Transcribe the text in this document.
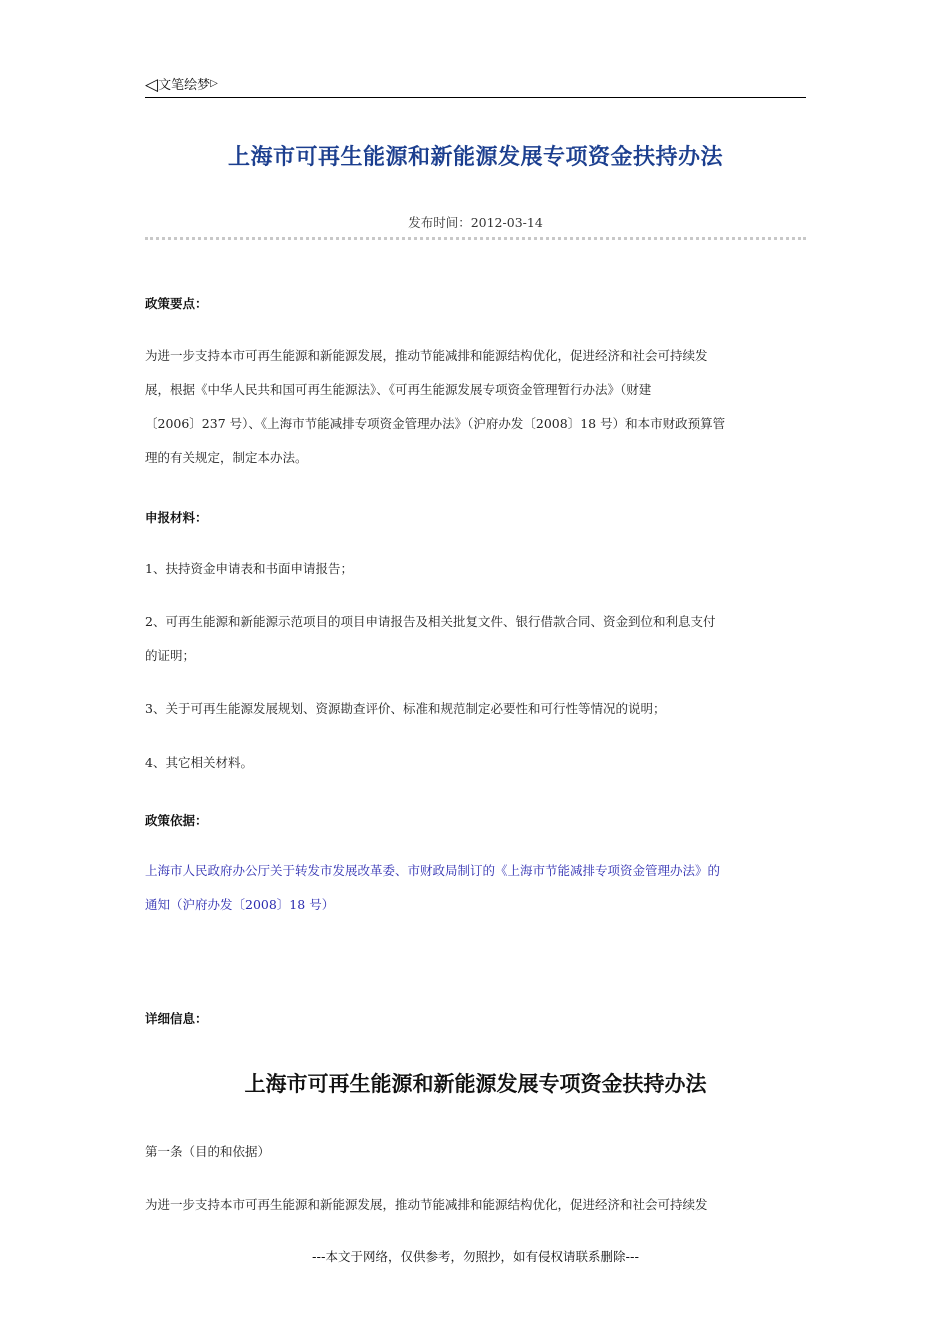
◁文笔绘梦▷
上海市可再生能源和新能源发展专项资金扶持办法
发布时间：2012-03-14
政策要点：
为进一步支持本市可再生能源和新能源发展，推动节能减排和能源结构优化，促进经济和社会可持续发
展，根据《中华人民共和国可再生能源法》、《可再生能源发展专项资金管理暂行办法》（财建
〔2006〕237 号）、《上海市节能减排专项资金管理办法》（沪府办发〔2008〕18 号）和本市财政预算管
理的有关规定，制定本办法。
申报材料：
1、扶持资金申请表和书面申请报告；
2、可再生能源和新能源示范项目的项目申请报告及相关批复文件、银行借款合同、资金到位和利息支付
的证明；
3、关于可再生能源发展规划、资源勘查评价、标准和规范制定必要性和可行性等情况的说明；
4、其它相关材料。
政策依据：
上海市人民政府办公厅关于转发市发展改革委、市财政局制订的《上海市节能减排专项资金管理办法》的
通知（沪府办发〔2008〕18 号）
详细信息：
上海市可再生能源和新能源发展专项资金扶持办法
第一条（目的和依据）
为进一步支持本市可再生能源和新能源发展，推动节能减排和能源结构优化，促进经济和社会可持续发
---本文于网络，仅供参考，勿照抄，如有侵权请联系删除---
